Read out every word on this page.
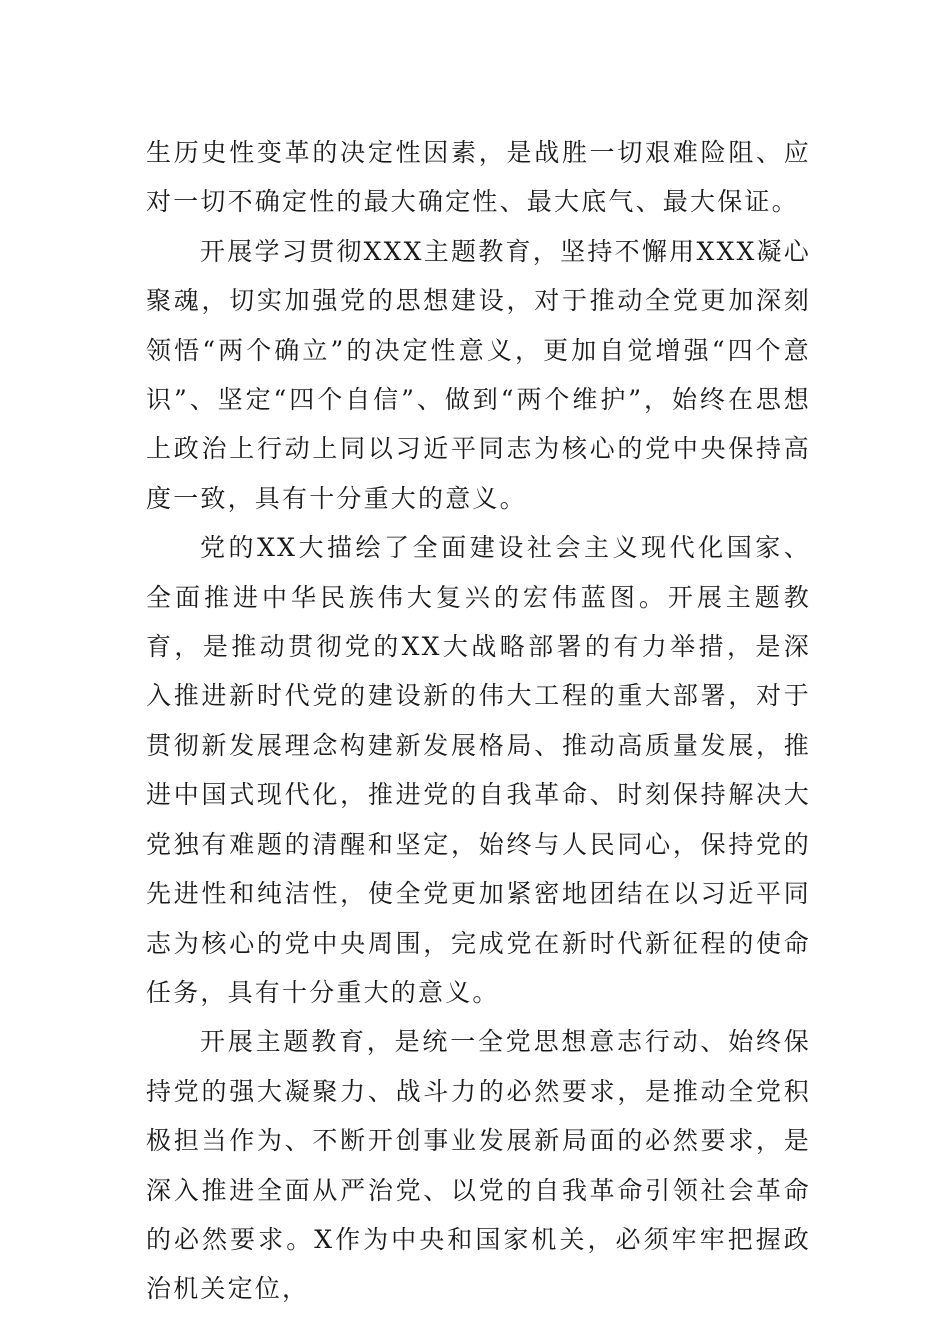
生历史性变革的决定性因素，是战胜一切艰难险阻、应对一切不确定性的最大确定性、最大底气、最大保证。

开展学习贯彻XXX主题教育，坚持不懈用XXX凝心聚魂，切实加强党的思想建设，对于推动全党更加深刻领悟“两个确立”的决定性意义，更加自觉增强“四个意识”、坚定“四个自信”、做到“两个维护”，始终在思想上政治上行动上同以习近平同志为核心的党中央保持高度一致，具有十分重大的意义。

党的XX大描绘了全面建设社会主义现代化国家、全面推进中华民族伟大复兴的宏伟蓝图。开展主题教育，是推动贯彻党的XX大战略部署的有力举措，是深入推进新时代党的建设新的伟大工程的重大部署，对于贯彻新发展理念构建新发展格局、推动高质量发展，推进中国式现代化，推进党的自我革命、时刻保持解决大党独有难题的清醒和坚定，始终与人民同心，保持党的先进性和纯洁性，使全党更加紧密地团结在以习近平同志为核心的党中央周围，完成党在新时代新征程的使命任务，具有十分重大的意义。

开展主题教育，是统一全党思想意志行动、始终保持党的强大凝聚力、战斗力的必然要求，是推动全党积极担当作为、不断开创事业发展新局面的必然要求，是深入推进全面从严治党、以党的自我革命引领社会革命的必然要求。X作为中央和国家机关，必须牢牢把握政治机关定位，
